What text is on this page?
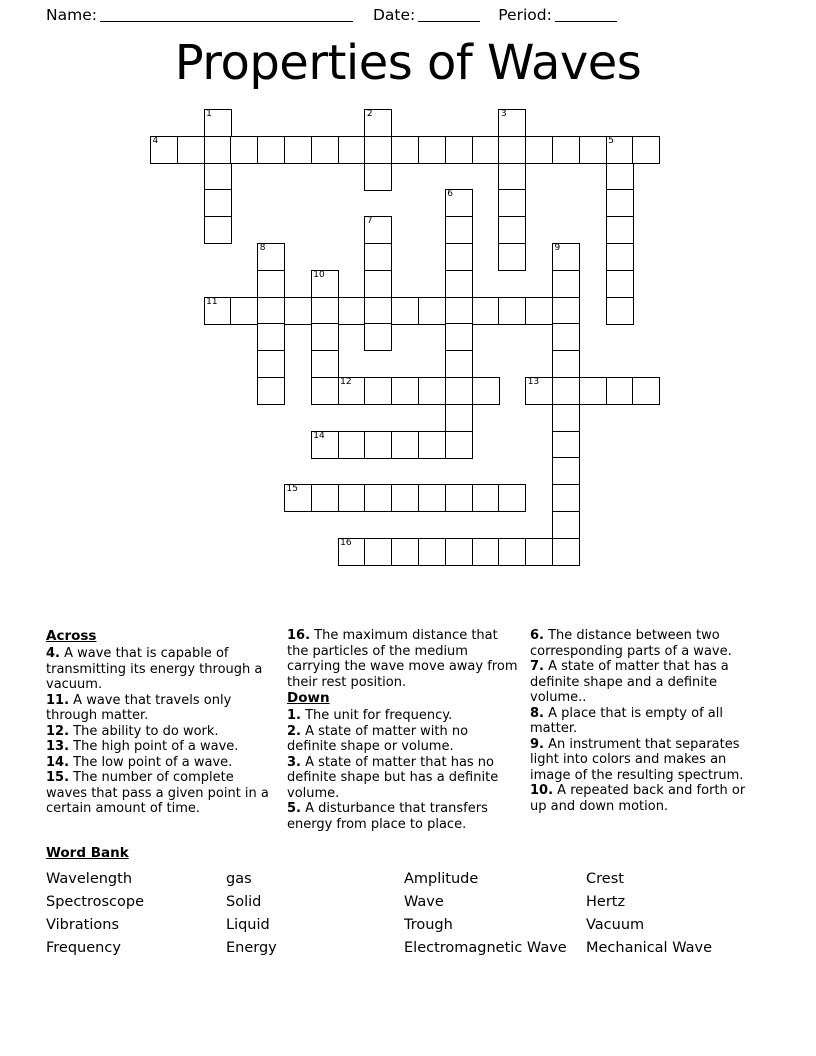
Name:	Date:	Period:
Properties of Waves
1	2	3
4	5
6
7
8	9
10
11
12	13
14
15
16
Across

4. A wave that is capable of transmitting its energy through a vacuum.

11. A wave that travels only through matter.

12. The ability to do work.

13. The high point of a wave.

14. The low point of a wave.

15. The number of complete waves that pass a given point in a certain amount of time.

16. The maximum distance that the particles of the medium carrying the wave move away from their rest position.

Down

1. The unit for frequency.

2. A state of matter with no definite shape or volume.

3. A state of matter that has no definite shape but has a definite volume.

5. A disturbance that transfers energy from place to place.

6. The distance between two corresponding parts of a wave.

7. A state of matter that has a definite shape and a definite volume..

8. A place that is empty of all matter.

9. An instrument that separates light into colors and makes an image of the resulting spectrum.

10. A repeated back and forth or up and down motion.

Word Bank
Wavelength	gas	Amplitude	Crest
Spectroscope	Solid	Wave	Hertz
Vibrations	Liquid	Trough	Vacuum
Frequency	Energy	Electromagnetic Wave	Mechanical Wave
